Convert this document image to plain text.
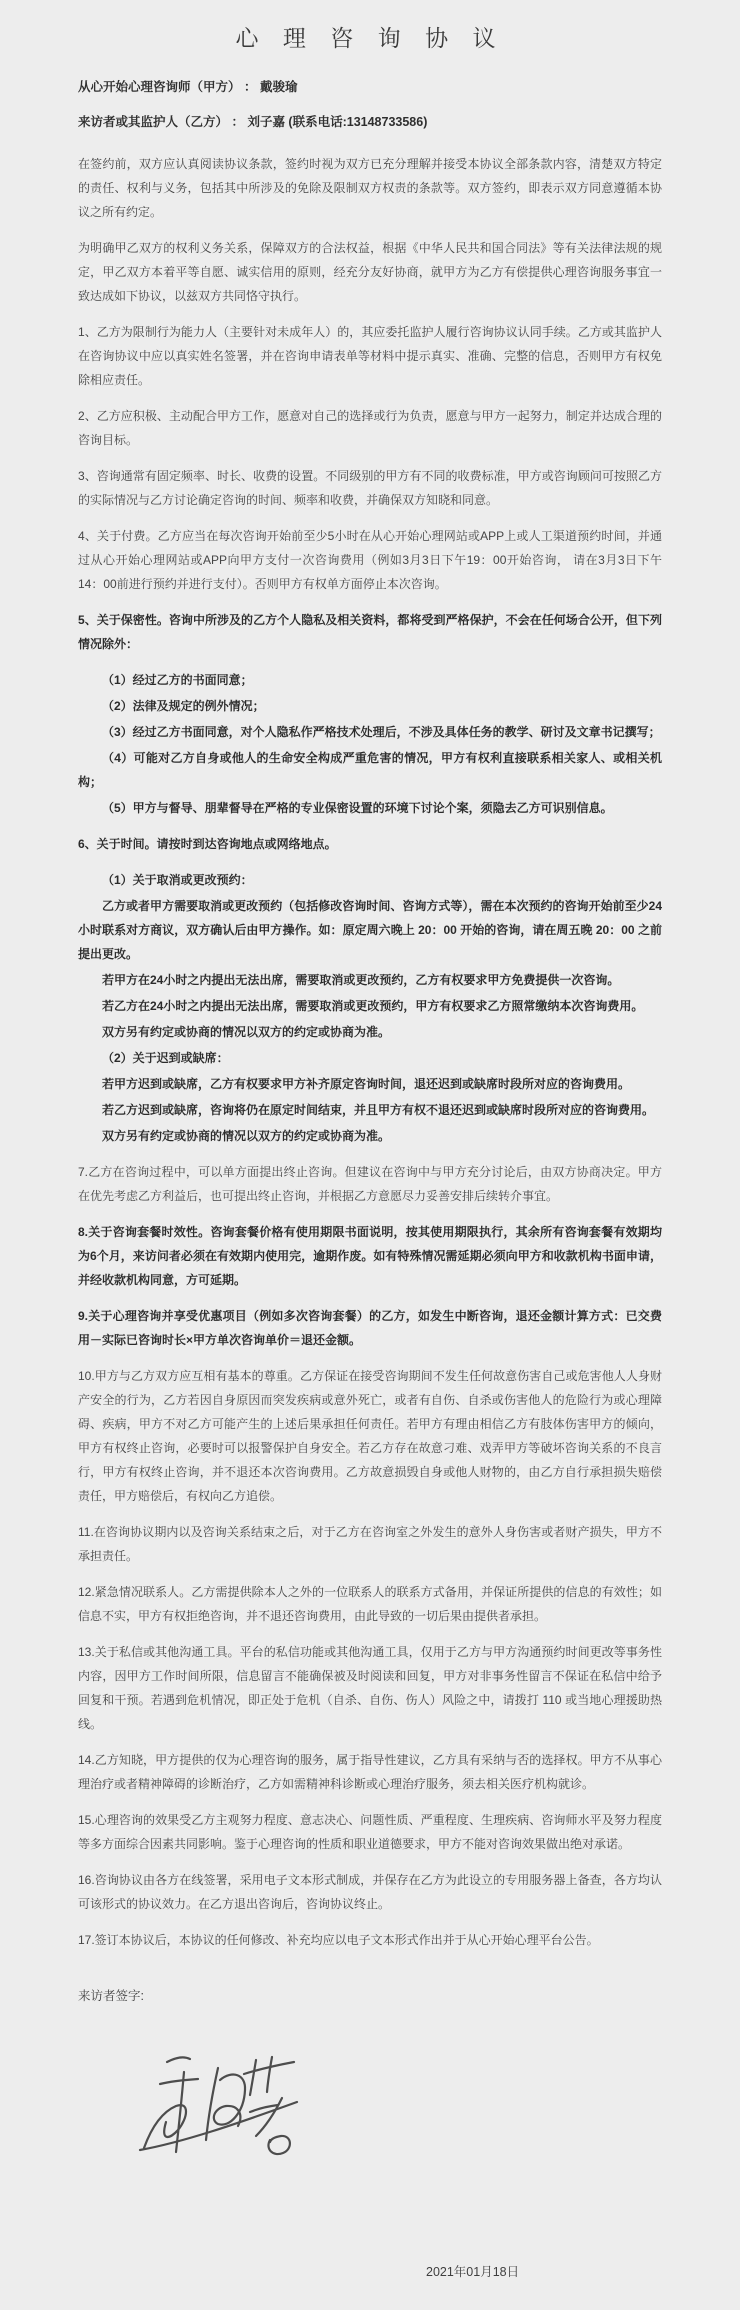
心 理 咨 询 协 议
从心开始心理咨询师（甲方） ： 戴骏瑜
来访者或其监护人（乙方） ： 刘子嘉 (联系电话:13148733586)

在签约前，双方应认真阅读协议条款，签约时视为双方已充分理解并接受本协议全部条款内容，清楚双方特定的责任、权利与义务，包括其中所涉及的免除及限制双方权责的条款等。双方签约，即表示双方同意遵循本协议之所有约定。

为明确甲乙双方的权利义务关系，保障双方的合法权益，根据《中华人民共和国合同法》等有关法律法规的规定，甲乙双方本着平等自愿、诚实信用的原则，经充分友好协商，就甲方为乙方有偿提供心理咨询服务事宜一致达成如下协议，以兹双方共同恪守执行。

1、乙方为限制行为能力人（主要针对未成年人）的，其应委托监护人履行咨询协议认同手续。乙方或其监护人在咨询协议中应以真实姓名签署，并在咨询申请表单等材料中提示真实、准确、完整的信息，否则甲方有权免除相应责任。

2、乙方应积极、主动配合甲方工作，愿意对自己的选择或行为负责，愿意与甲方一起努力，制定并达成合理的咨询目标。

3、咨询通常有固定频率、时长、收费的设置。不同级别的甲方有不同的收费标准，甲方或咨询顾问可按照乙方的实际情况与乙方讨论确定咨询的时间、频率和收费，并确保双方知晓和同意。

4、关于付费。乙方应当在每次咨询开始前至少5小时在从心开始心理网站或APP上或人工渠道预约时间，并通过从心开始心理网站或APP向甲方支付一次咨询费用（例如3月3日下午19：00开始咨询， 请在3月3日下午14：00前进行预约并进行支付）。否则甲方有权单方面停止本次咨询。

5、关于保密性。咨询中所涉及的乙方个人隐私及相关资料，都将受到严格保护，不会在任何场合公开，但下列情况除外：

（1）经过乙方的书面同意；

（2）法律及规定的例外情况；

（3）经过乙方书面同意，对个人隐私作严格技术处理后，不涉及具体任务的教学、研讨及文章书记撰写；

（4）可能对乙方自身或他人的生命安全构成严重危害的情况，甲方有权利直接联系相关家人、或相关机构；

（5）甲方与督导、朋辈督导在严格的专业保密设置的环境下讨论个案，须隐去乙方可识别信息。

6、关于时间。请按时到达咨询地点或网络地点。

（1）关于取消或更改预约：

乙方或者甲方需要取消或更改预约（包括修改咨询时间、咨询方式等），需在本次预约的咨询开始前至少24小时联系对方商议，双方确认后由甲方操作。如：原定周六晚上 20：00 开始的咨询，请在周五晚 20：00 之前提出更改。

若甲方在24小时之内提出无法出席，需要取消或更改预约，乙方有权要求甲方免费提供一次咨询。

若乙方在24小时之内提出无法出席，需要取消或更改预约，甲方有权要求乙方照常缴纳本次咨询费用。

双方另有约定或协商的情况以双方的约定或协商为准。

（2）关于迟到或缺席：

若甲方迟到或缺席，乙方有权要求甲方补齐原定咨询时间，退还迟到或缺席时段所对应的咨询费用。

若乙方迟到或缺席，咨询将仍在原定时间结束，并且甲方有权不退还迟到或缺席时段所对应的咨询费用。

双方另有约定或协商的情况以双方的约定或协商为准。

7.乙方在咨询过程中，可以单方面提出终止咨询。但建议在咨询中与甲方充分讨论后，由双方协商决定。甲方在优先考虑乙方利益后，也可提出终止咨询，并根据乙方意愿尽力妥善安排后续转介事宜。

8.关于咨询套餐时效性。咨询套餐价格有使用期限书面说明，按其使用期限执行，其余所有咨询套餐有效期均为6个月，来访问者必须在有效期内使用完，逾期作废。如有特殊情况需延期必须向甲方和收款机构书面申请，并经收款机构同意，方可延期。

9.关于心理咨询并享受优惠项目（例如多次咨询套餐）的乙方，如发生中断咨询，退还金额计算方式：已交费用－实际已咨询时长×甲方单次咨询单价＝退还金额。

10.甲方与乙方双方应互相有基本的尊重。乙方保证在接受咨询期间不发生任何故意伤害自己或危害他人人身财产安全的行为，乙方若因自身原因而突发疾病或意外死亡，或者有自伤、自杀或伤害他人的危险行为或心理障碍、疾病，甲方不对乙方可能产生的上述后果承担任何责任。若甲方有理由相信乙方有肢体伤害甲方的倾向，甲方有权终止咨询，必要时可以报警保护自身安全。若乙方存在故意刁难、戏弄甲方等破坏咨询关系的不良言行，甲方有权终止咨询，并不退还本次咨询费用。乙方故意损毁自身或他人财物的，由乙方自行承担损失赔偿责任，甲方赔偿后，有权向乙方追偿。

11.在咨询协议期内以及咨询关系结束之后，对于乙方在咨询室之外发生的意外人身伤害或者财产损失，甲方不承担责任。

12.紧急情况联系人。乙方需提供除本人之外的一位联系人的联系方式备用，并保证所提供的信息的有效性；如信息不实，甲方有权拒绝咨询，并不退还咨询费用，由此导致的一切后果由提供者承担。

13.关于私信或其他沟通工具。平台的私信功能或其他沟通工具，仅用于乙方与甲方沟通预约时间更改等事务性内容，因甲方工作时间所限，信息留言不能确保被及时阅读和回复，甲方对非事务性留言不保证在私信中给予回复和干预。若遇到危机情况，即正处于危机（自杀、自伤、伤人）风险之中，请拨打 110 或当地心理援助热线。

14.乙方知晓，甲方提供的仅为心理咨询的服务，属于指导性建议，乙方具有采纳与否的选择权。甲方不从事心理治疗或者精神障碍的诊断治疗，乙方如需精神科诊断或心理治疗服务，须去相关医疗机构就诊。

15.心理咨询的效果受乙方主观努力程度、意志决心、问题性质、严重程度、生理疾病、咨询师水平及努力程度等多方面综合因素共同影响。鉴于心理咨询的性质和职业道德要求，甲方不能对咨询效果做出绝对承诺。

16.咨询协议由各方在线签署，采用电子文本形式制成，并保存在乙方为此设立的专用服务器上备查，各方均认可该形式的协议效力。在乙方退出咨询后，咨询协议终止。

17.签订本协议后，本协议的任何修改、补充均应以电子文本形式作出并于从心开始心理平台公告。

来访者签字:
2021年01月18日
